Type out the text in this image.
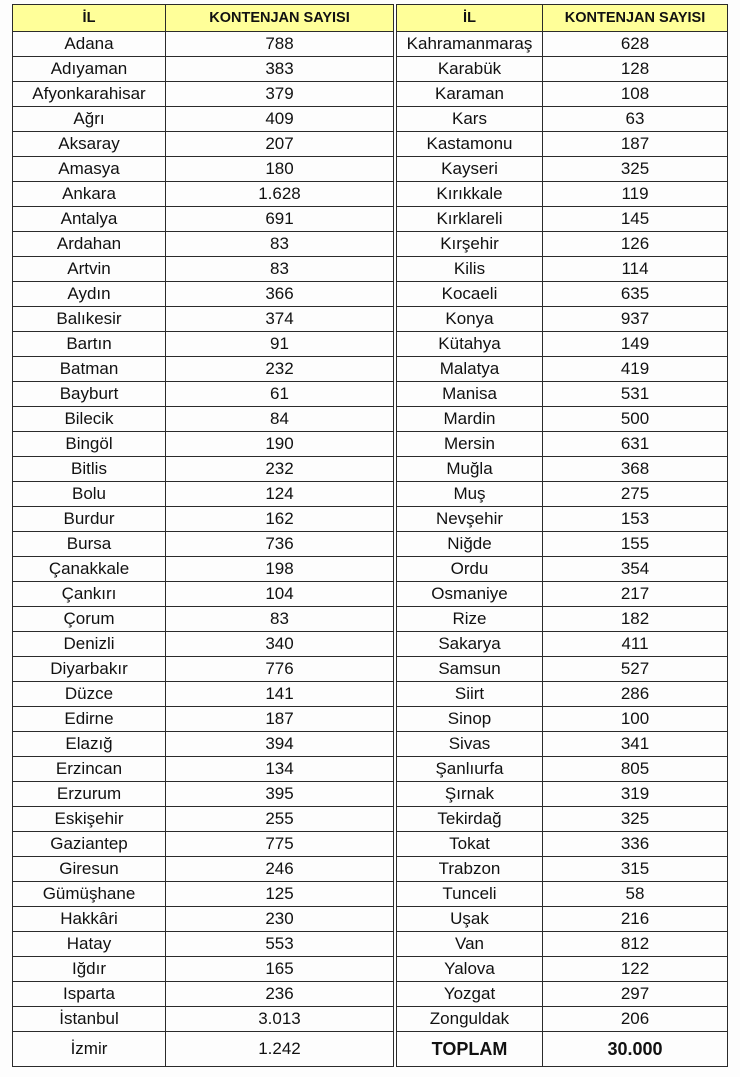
İL	KONTENJAN SAYISI		İL	KONTENJAN SAYISI
Adana	788		Kahramanmaraş	628
Adıyaman	383		Karabük	128
Afyonkarahisar	379		Karaman	108
Ağrı	409		Kars	63
Aksaray	207		Kastamonu	187
Amasya	180		Kayseri	325
Ankara	1.628		Kırıkkale	119
Antalya	691		Kırklareli	145
Ardahan	83		Kırşehir	126
Artvin	83		Kilis	114
Aydın	366		Kocaeli	635
Balıkesir	374		Konya	937
Bartın	91		Kütahya	149
Batman	232		Malatya	419
Bayburt	61		Manisa	531
Bilecik	84		Mardin	500
Bingöl	190		Mersin	631
Bitlis	232		Muğla	368
Bolu	124		Muş	275
Burdur	162		Nevşehir	153
Bursa	736		Niğde	155
Çanakkale	198		Ordu	354
Çankırı	104		Osmaniye	217
Çorum	83		Rize	182
Denizli	340		Sakarya	411
Diyarbakır	776		Samsun	527
Düzce	141		Siirt	286
Edirne	187		Sinop	100
Elazığ	394		Sivas	341
Erzincan	134		Şanlıurfa	805
Erzurum	395		Şırnak	319
Eskişehir	255		Tekirdağ	325
Gaziantep	775		Tokat	336
Giresun	246		Trabzon	315
Gümüşhane	125		Tunceli	58
Hakkâri	230		Uşak	216
Hatay	553		Van	812
Iğdır	165		Yalova	122
Isparta	236		Yozgat	297
İstanbul	3.013		Zonguldak	206
İzmir	1.242		TOPLAM	30.000
